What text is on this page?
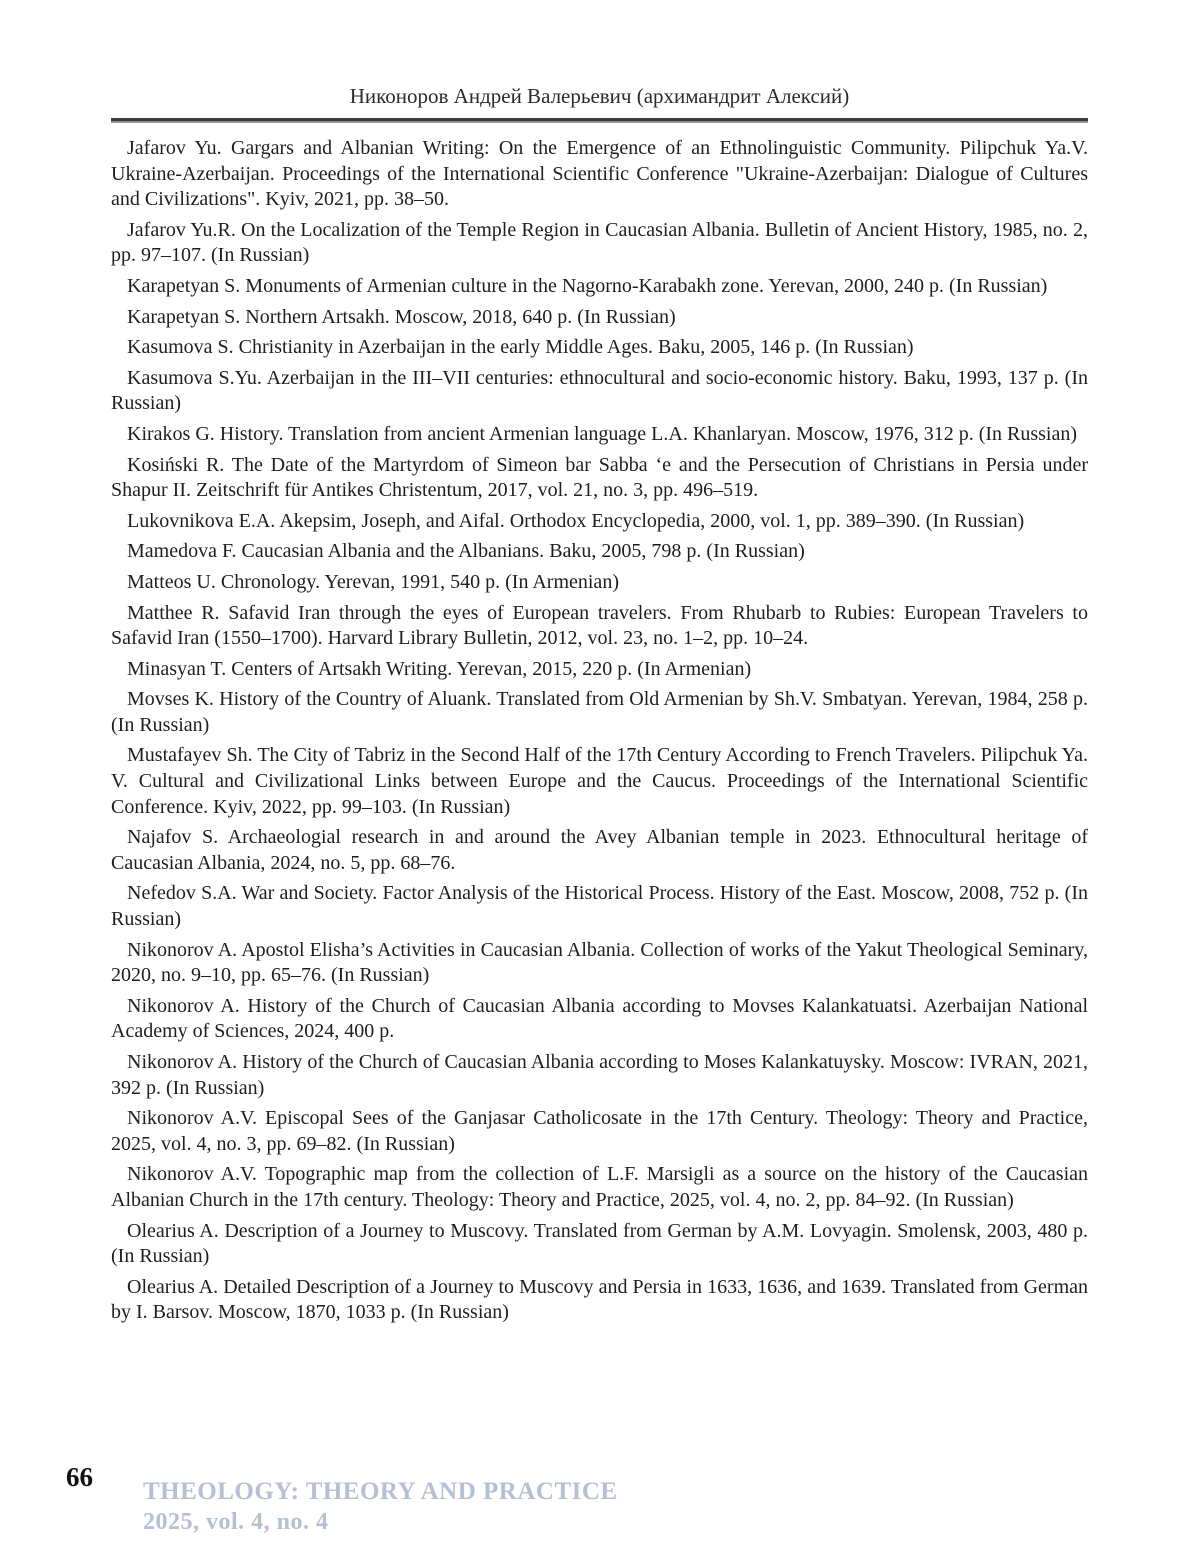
Никоноров Андрей Валерьевич (архимандрит Алексий)

Jafarov Yu. Gargars and Albanian Writing: On the Emergence of an Ethnolinguistic Community. Pilipchuk Ya.V. Ukraine-Azerbaijan. Proceedings of the International Scientific Conference "Ukraine-Azerbaijan: Dialogue of Cultures and Civilizations". Kyiv, 2021, pp. 38–50.

Jafarov Yu.R. On the Localization of the Temple Region in Caucasian Albania. Bulletin of Ancient History, 1985, no. 2, pp. 97–107. (In Russian)

Karapetyan S. Monuments of Armenian culture in the Nagorno-Karabakh zone. Yerevan, 2000, 240 p. (In Russian)

Karapetyan S. Northern Artsakh. Moscow, 2018, 640 p. (In Russian)

Kasumova S. Christianity in Azerbaijan in the early Middle Ages. Baku, 2005, 146 p. (In Russian)

Kasumova S.Yu. Azerbaijan in the III–VII centuries: ethnocultural and socio-economic history. Baku, 1993, 137 p. (In Russian)

Kirakos G. History. Translation from ancient Armenian language L.A. Khanlaryan. Moscow, 1976, 312 p. (In Russian)

Kosiński R. The Date of the Martyrdom of Simeon bar Sabba ‘e and the Persecution of Christians in Persia under Shapur II. Zeitschrift für Antikes Christentum, 2017, vol. 21, no. 3, pp. 496–519.

Lukovnikova E.A. Akepsim, Joseph, and Aifal. Orthodox Encyclopedia, 2000, vol. 1, pp. 389–390. (In Russian)

Mamedova F. Caucasian Albania and the Albanians. Baku, 2005, 798 p. (In Russian)

Matteos U. Chronology. Yerevan, 1991, 540 p. (In Armenian)

Matthee R. Safavid Iran through the eyes of European travelers. From Rhubarb to Rubies: European Travelers to Safavid Iran (1550–1700). Harvard Library Bulletin, 2012, vol. 23, no. 1–2, pp. 10–24.

Minasyan T. Centers of Artsakh Writing. Yerevan, 2015, 220 p. (In Armenian)

Movses K. History of the Country of Aluank. Translated from Old Armenian by Sh.V. Smbatyan. Yerevan, 1984, 258 p. (In Russian)

Mustafayev Sh. The City of Tabriz in the Second Half of the 17th Century According to French Travelers. Pilipchuk Ya. V. Cultural and Civilizational Links between Europe and the Caucus. Proceedings of the International Scientific Conference. Kyiv, 2022, pp. 99–103. (In Russian)

Najafov S. Archaeologial research in and around the Avey Albanian temple in 2023. Ethnocultural heritage of Caucasian Albania, 2024, no. 5, pp. 68–76.

Nefedov S.A. War and Society. Factor Analysis of the Historical Process. History of the East. Moscow, 2008, 752 p. (In Russian)

Nikonorov A. Apostol Elisha’s Activities in Caucasian Albania. Collection of works of the Yakut Theological Seminary, 2020, no. 9–10, pp. 65–76. (In Russian)

Nikonorov A. History of the Church of Caucasian Albania according to Movses Kalankatuatsi. Azerbaijan National Academy of Sciences, 2024, 400 p.

Nikonorov A. History of the Church of Caucasian Albania according to Moses Kalankatuysky. Moscow: IVRAN, 2021, 392 p. (In Russian)

Nikonorov A.V. Episcopal Sees of the Ganjasar Catholicosate in the 17th Century. Theology: Theory and Practice, 2025, vol. 4, no. 3, pp. 69–82. (In Russian)

Nikonorov A.V. Topographic map from the collection of L.F. Marsigli as a source on the history of the Caucasian Albanian Church in the 17th century. Theology: Theory and Practice, 2025, vol. 4, no. 2, pp. 84–92. (In Russian)

Olearius A. Description of a Journey to Muscovy. Translated from German by A.M. Lovyagin. Smolensk, 2003, 480 p. (In Russian)

Olearius A. Detailed Description of a Journey to Muscovy and Persia in 1633, 1636, and 1639. Translated from German by I. Barsov. Moscow, 1870, 1033 p. (In Russian)

66 THEOLOGY: THEORY AND PRACTICE
2025, vol. 4, no. 4
